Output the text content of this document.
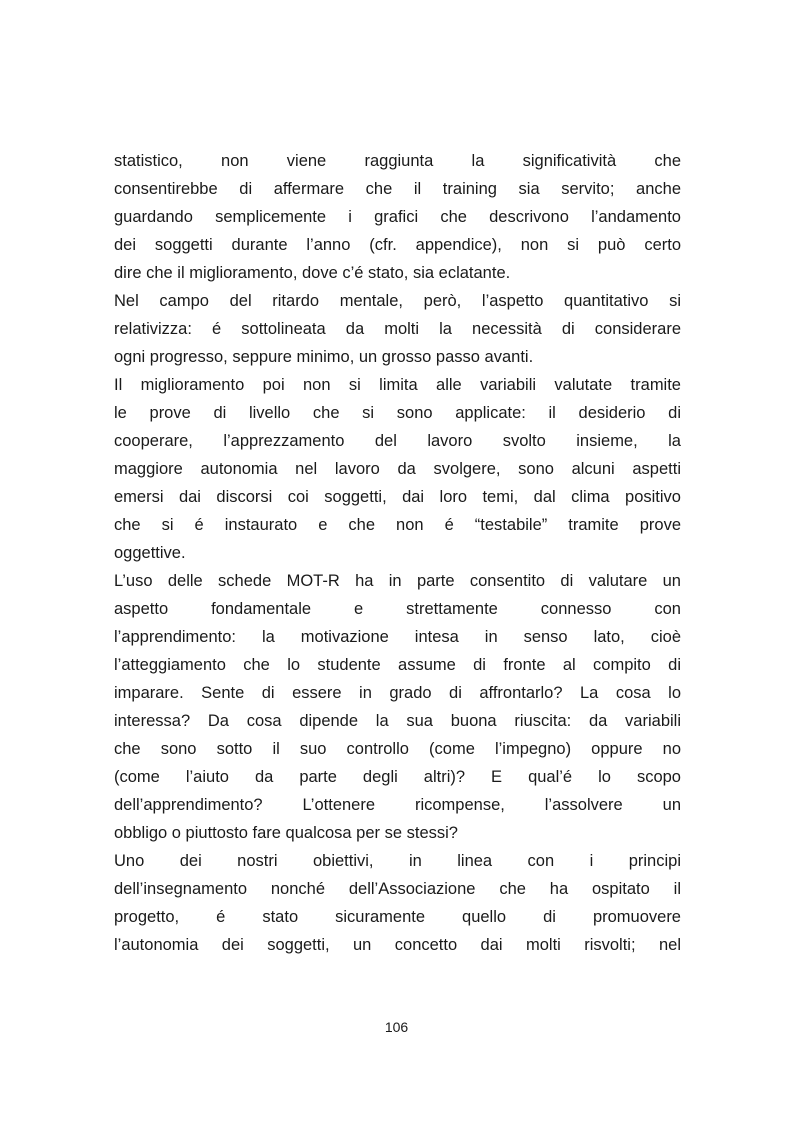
statistico, non viene raggiunta la significatività che
consentirebbe di affermare che il training sia servito; anche
guardando semplicemente i grafici che descrivono l’andamento
dei soggetti durante l’anno (cfr. appendice), non si può certo
dire che il miglioramento, dove c’é stato, sia eclatante.
Nel campo del ritardo mentale, però, l’aspetto quantitativo si
relativizza: é sottolineata da molti la necessità di considerare
ogni progresso, seppure minimo, un grosso passo avanti.
Il miglioramento poi non si limita alle variabili valutate tramite
le prove di livello che si sono applicate: il desiderio di
cooperare, l’apprezzamento del lavoro svolto insieme, la
maggiore autonomia nel lavoro da svolgere, sono alcuni aspetti
emersi dai discorsi coi soggetti, dai loro temi, dal clima positivo
che si é instaurato e che non é “testabile” tramite prove
oggettive.
L’uso delle schede MOT-R ha in parte consentito di valutare un
aspetto fondamentale e strettamente connesso con
l’apprendimento: la motivazione intesa in senso lato, cioè
l’atteggiamento che lo studente assume di fronte al compito di
imparare. Sente di essere in grado di affrontarlo? La cosa lo
interessa? Da cosa dipende la sua buona riuscita: da variabili
che sono sotto il suo controllo (come l’impegno) oppure no
(come l’aiuto da parte degli altri)? E qual’é lo scopo
dell’apprendimento? L’ottenere ricompense, l’assolvere un
obbligo o piuttosto fare qualcosa per se stessi?
Uno dei nostri obiettivi, in linea con i principi
dell’insegnamento nonché dell’Associazione che ha ospitato il
progetto, é stato sicuramente quello di promuovere
l’autonomia dei soggetti, un concetto dai molti risvolti; nel
106
